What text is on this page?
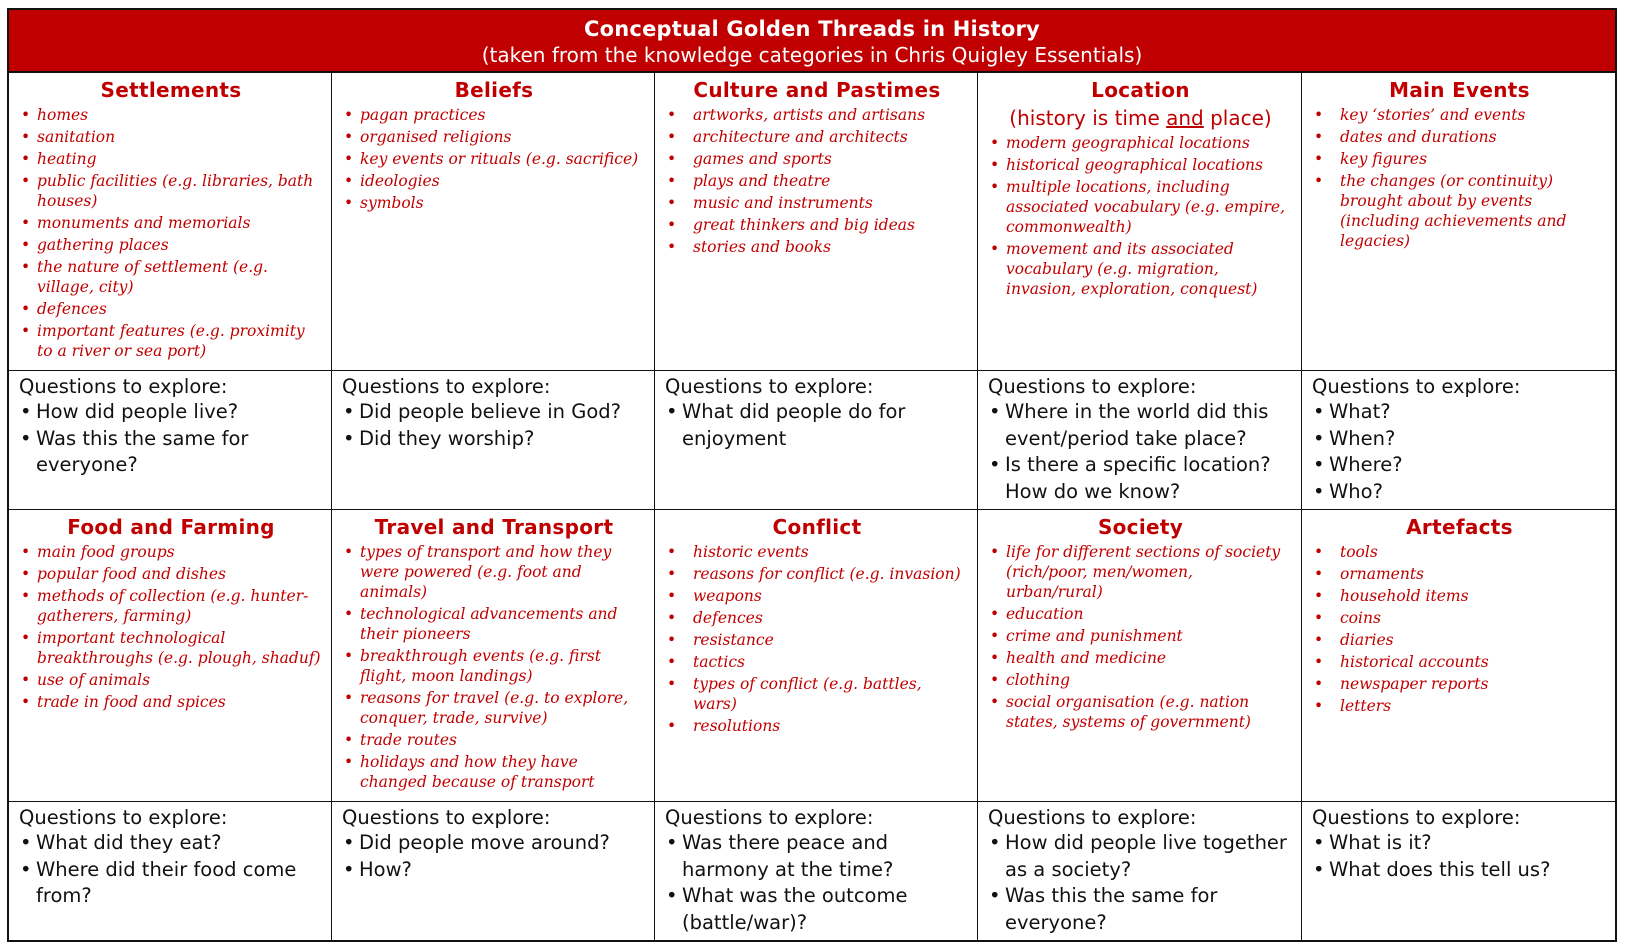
Conceptual Golden Threads in History
(taken from the knowledge categories in Chris Quigley Essentials)
Settlements
• homes
• sanitation
• heating
• public facilities (e.g. libraries, bath houses)
• monuments and memorials
• gathering places
• the nature of settlement (e.g. village, city)
• defences
• important features (e.g. proximity to a river or sea port)
Questions to explore:
• How did people live?
• Was this the same for everyone?
Beliefs
• pagan practices
• organised religions
• key events or rituals (e.g. sacrifice)
• ideologies
• symbols
Questions to explore:
• Did people believe in God?
• Did they worship?
Culture and Pastimes
• artworks, artists and artisans
• architecture and architects
• games and sports
• plays and theatre
• music and instruments
• great thinkers and big ideas
• stories and books
Questions to explore:
• What did people do for enjoyment
Location
(history is time and place)
• modern geographical locations
• historical geographical locations
• multiple locations, including associated vocabulary (e.g. empire, commonwealth)
• movement and its associated vocabulary (e.g. migration, invasion, exploration, conquest)
Questions to explore:
• Where in the world did this event/period take place?
• Is there a specific location? How do we know?
Main Events
• key ‘stories’ and events
• dates and durations
• key figures
• the changes (or continuity) brought about by events (including achievements and legacies)
Questions to explore:
• What?
• When?
• Where?
• Who?
Food and Farming
• main food groups
• popular food and dishes
• methods of collection (e.g. hunter-gatherers, farming)
• important technological breakthroughs (e.g. plough, shaduf)
• use of animals
• trade in food and spices
Questions to explore:
• What did they eat?
• Where did their food come from?
Travel and Transport
• types of transport and how they were powered (e.g. foot and animals)
• technological advancements and their pioneers
• breakthrough events (e.g. first flight, moon landings)
• reasons for travel (e.g. to explore, conquer, trade, survive)
• trade routes
• holidays and how they have changed because of transport
Questions to explore:
• Did people move around?
• How?
Conflict
• historic events
• reasons for conflict (e.g. invasion)
• weapons
• defences
• resistance
• tactics
• types of conflict (e.g. battles, wars)
• resolutions
Questions to explore:
• Was there peace and harmony at the time?
• What was the outcome (battle/war)?
Society
• life for different sections of society (rich/poor, men/women, urban/rural)
• education
• crime and punishment
• health and medicine
• clothing
• social organisation (e.g. nation states, systems of government)
Questions to explore:
• How did people live together as a society?
• Was this the same for everyone?
Artefacts
• tools
• ornaments
• household items
• coins
• diaries
• historical accounts
• newspaper reports
• letters
Questions to explore:
• What is it?
• What does this tell us?
